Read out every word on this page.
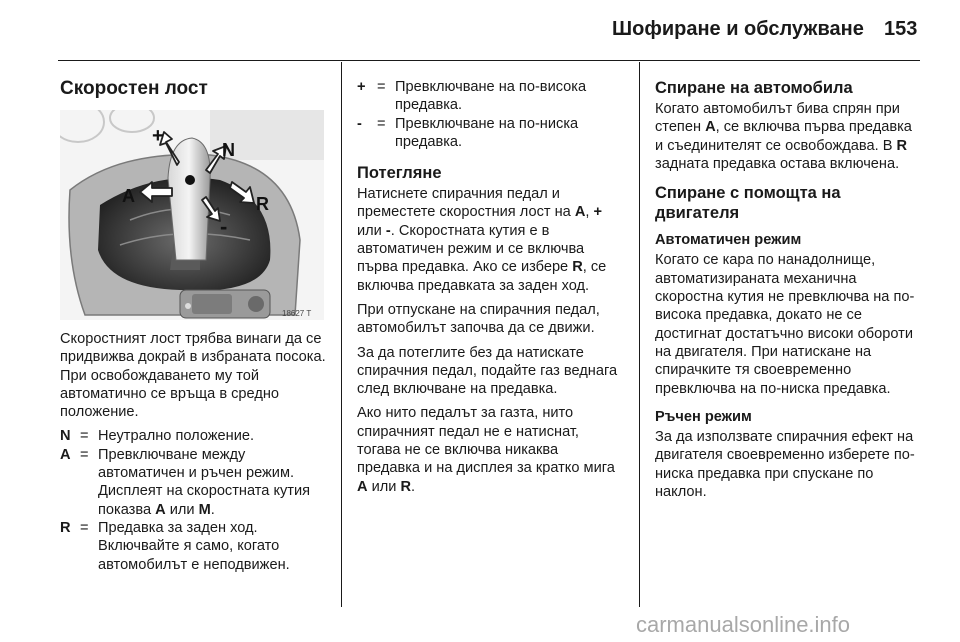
Шофиране и обслужване 153
Скоростен лост
+
N
A	R
-
18627 T

Скоростният лост трябва винаги да се придвижва докрай в избраната посока. При освобождаването му той автоматично се връща в средно положение.

N = Неутрално положение.
A = Превключване между автоматичен и ръчен режим. Дисплеят на скоростната кутия показва A или M.
R = Предавка за заден ход. Включвайте я само, когато автомобилът е неподвижен.
+ = Превключване на по-висока предавка.
-	= Превключване на по-ниска предавка.
Потегляне

Натиснете спирачния педал и преместете скоростния лост на A, + или -. Скоростната кутия е в автоматичен режим и се включва първа предавка. Ако се избере R, се включва предавката за заден ход.

При отпускане на спирачния педал, автомобилът започва да се движи.

За да потеглите без да натискате спирачния педал, подайте газ веднага след включване на предавка.

Ако нито педалът за газта, нито спирачният педал не е натиснат, тогава не се включва никаква предавка и на дисплея за кратко мига A или R.

Спиране на автомобила

Когато автомобилът бива спрян при степен A, се включва първа предавка и съединителят се освобождава. В R задната предавка остава включена.

Спиране с помощта на двигателя
Автоматичен режим

Когато се кара по нанадолнище, автоматизираната механична скоростна кутия не превключва на по-висока предавка, докато не се достигнат достатъчно високи обороти на двигателя. При натискане на спирачките тя своевременно превключва на по-ниска предавка.

Ръчен режим

За да използвате спирачния ефект на двигателя своевременно изберете по-ниска предавка при спускане по наклон.

carmanualsonline.info
